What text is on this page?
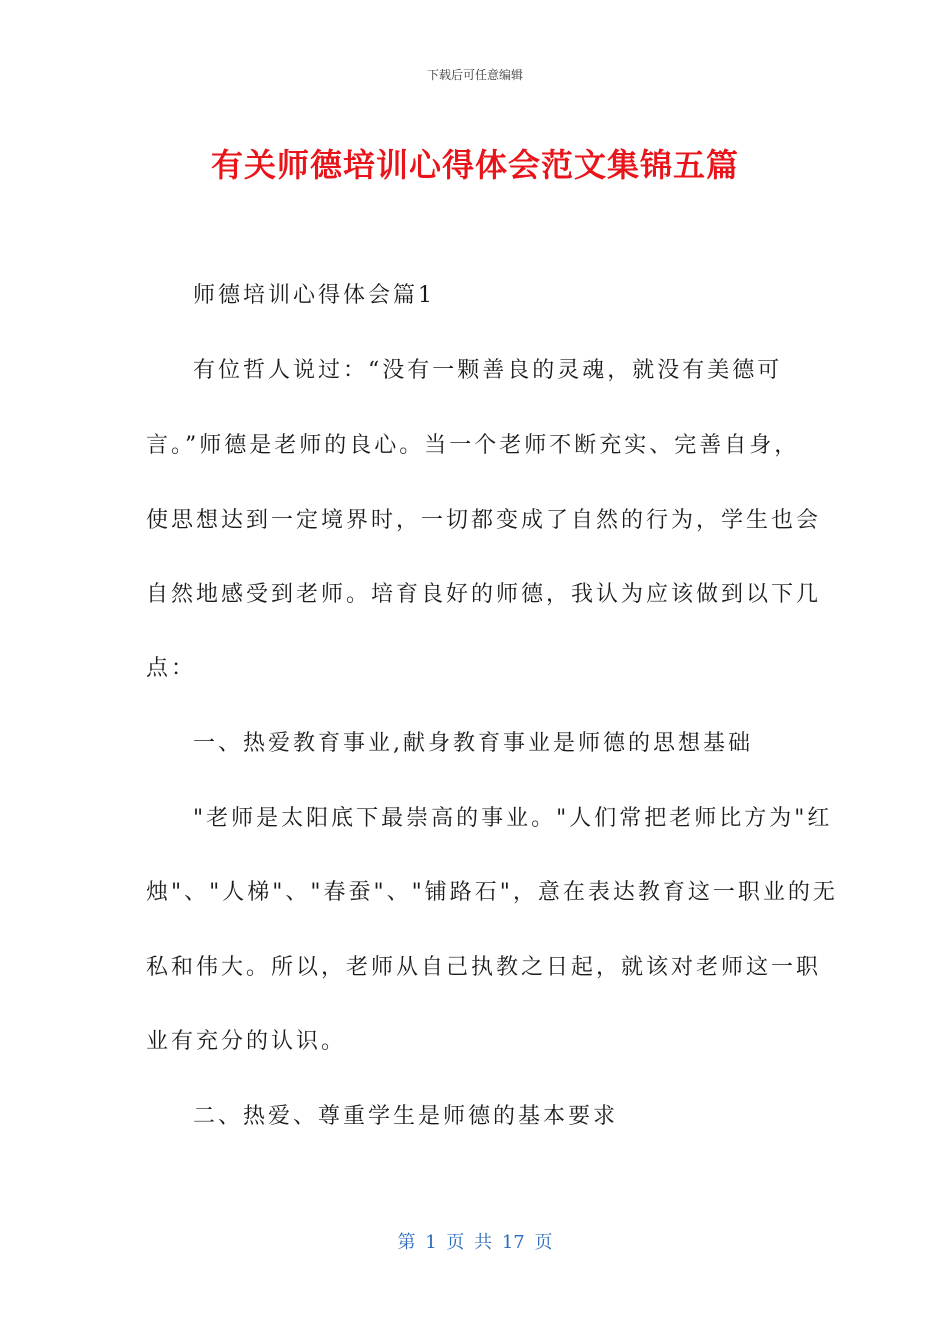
下载后可任意编辑
有关师德培训心得体会范文集锦五篇
师德培训心得体会篇1
有位哲人说过：“没有一颗善良的灵魂，就没有美德可
言。”师德是老师的良心。当一个老师不断充实、完善自身，
使思想达到一定境界时，一切都变成了自然的行为，学生也会
自然地感受到老师。培育良好的师德，我认为应该做到以下几
点：
一、热爱教育事业,献身教育事业是师德的思想基础
"老师是太阳底下最崇高的事业。"人们常把老师比方为"红
烛"、"人梯"、"春蚕"、"铺路石"，意在表达教育这一职业的无
私和伟大。所以，老师从自己执教之日起，就该对老师这一职
业有充分的认识。
二、热爱、尊重学生是师德的基本要求
第 1 页 共 17 页
